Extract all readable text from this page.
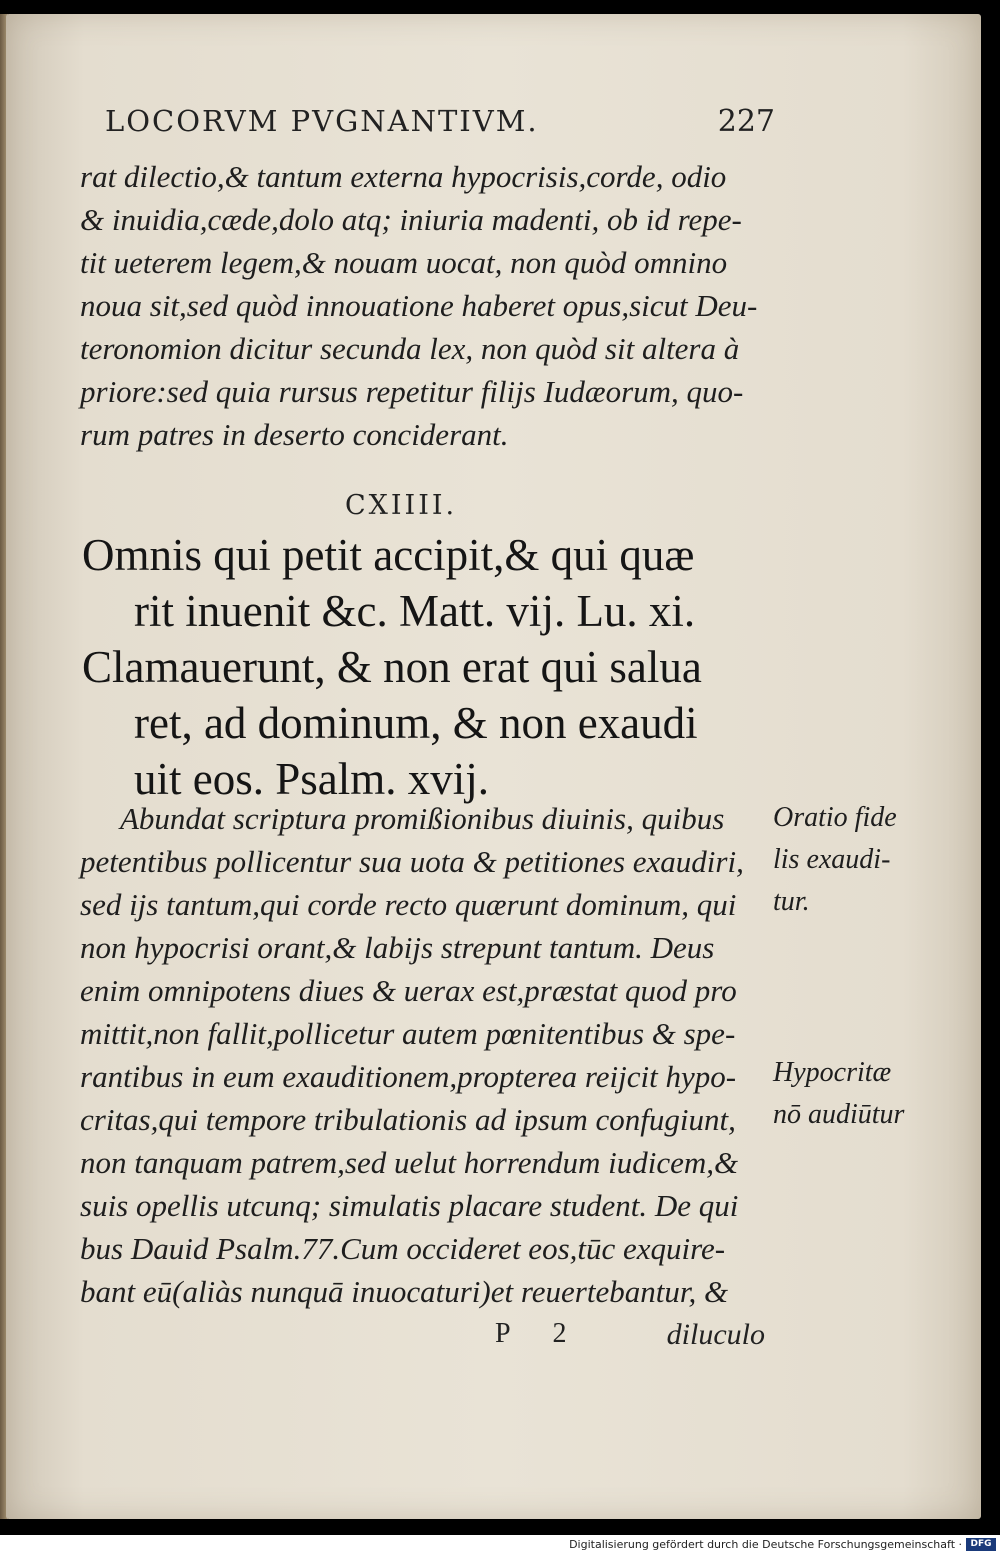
LOCORVM PVGNANTIVM.	227
rat dilectio,& tantum externa hypocrisis,corde, odio
& inuidia,cæde,dolo atq; iniuria madenti, ob id repe-
tit ueterem legem,& nouam uocat, non quòd omnino
noua sit,sed quòd innouatione haberet opus,sicut Deu-
teronomion dicitur secunda lex, non quòd sit altera à
priore:sed quia rursus repetitur filijs Iudæorum, quo-
rum patres in deserto conciderant.
CXIIII.
Omnis qui petit accipit,& qui quæ
rit inuenit &c. Matt. vij. Lu. xi.
Clamauerunt, & non erat qui salua
ret, ad dominum, & non exaudi
uit eos. Psalm. xvij.
Abundat scriptura promißionibus diuinis, quibus
petentibus pollicentur sua uota & petitiones exaudiri,
sed ijs tantum,qui corde recto quærunt dominum, qui
non hypocrisi orant,& labijs strepunt tantum. Deus
enim omnipotens diues & uerax est,præstat quod pro
mittit,non fallit,pollicetur autem pœnitentibus & spe-
rantibus in eum exauditionem,propterea reijcit hypo-
critas,qui tempore tribulationis ad ipsum confugiunt,
non tanquam patrem,sed uelut horrendum iudicem,&
suis opellis utcunq; simulatis placare student. De qui
bus Dauid Psalm.77.Cum occideret eos,tūc exquire-
bant eū(aliàs nunquā inuocaturi)et reuertebantur, &
Oratio fide
lis exaudi-
tur.
Hypocritæ
nō audiūtur
P 2	diluculo
Digitalisierung gefördert durch die Deutsche Forschungsgemeinschaft · DFG
